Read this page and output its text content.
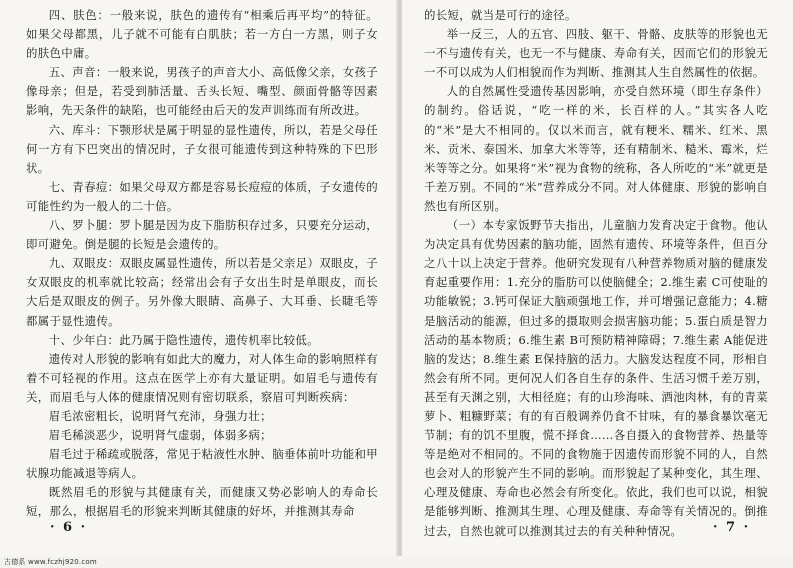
四、肤色：一般来说，肤色的遗传有“相乘后再平均”的特征。如果父母都黑，儿子就不可能有白肌肤；若一方白一方黑，则子女的肤色中庸。

五、声音：一般来说，男孩子的声音大小、高低像父亲，女孩子像母亲；但是，若受到肺活量、舌头长短、嘴型、颜面骨骼等因素影响，先天条件的缺陷，也可能经由后天的发声训练而有所改进。

六、库斗：下颚形状是属于明显的显性遗传，所以，若是父母任何一方有下巴突出的情况时，子女很可能遗传到这种特殊的下巴形状。

七、青春痘：如果父母双方都是容易长痘痘的体质，子女遗传的可能性约为一般人的二十倍。

八、罗卜腿：罗卜腿是因为皮下脂肪积存过多，只要充分运动，即可避免。倒是腿的长短是会遗传的。

九、双眼皮：双眼皮属显性遗传，所以若是父亲足）双眼皮，子女双眼皮的机率就比较高；经常出会有子女出生时是单眼皮，而长大后是双眼皮的例子。另外像大眼睛、高鼻子、大耳垂、长睫毛等都属于显性遗传。

十、少年白：此乃属于隐性遗传，遗传机率比较低。

遗传对人形貌的影响有如此大的魔力，对人体生命的影响照样有着不可轻视的作用。这点在医学上亦有大量证明。如眉毛与遗传有关，而眉毛与人体的健康情况则有密切联系，察眉可判断疾病：

眉毛浓密粗长，说明肾气充沛，身强力壮；

眉毛稀淡恶少，说明肾气虚弱，体弱多病；

眉毛过于稀疏或脱落，常见于粘液性水肿、脑垂体前叶功能和甲状腺功能减退等病人。

既然眉毛的形貌与其健康有关，而健康又势必影响人的寿命长短，那么，根据眉毛的形貌来判断其健康的好坏，并推测其寿命

· 6 ·

的长短，就当是可行的途径。

举一反三，人的五官、四肢、躯干、骨骼、皮肤等的形貌也无一不与遗传有关，也无一不与健康、寿命有关，因而它们的形貌无一不可以成为人们相貌而作为判断、推测其人生自然属性的依据。

人的自然属性受遗传基因影响，亦受自然环境（即生存条件）的制约。俗话说，“吃一样的米，长百样的人。”其实各人吃的“米”是大不相同的。仅以米而言，就有粳米、糯米、红米、黑米、贡米、泰国米、加拿大米等等，还有精制米、糙米、霉米，烂米等等之分。如果将“米”视为食物的统称，各人所吃的“米”就更是千差万别。不同的“米”营养成分不同。对人体健康、形貌的影响自然也有所区别。

（一）本专家饭野节夫指出，儿童脑力发育决定于食物。他认为决定具有优势因素的脑功能，固然有遗传、环境等条件，但百分之八十以上决定于营养。他研究发现有八种营养物质对脑的健康发育起重要作用：1.充分的脂肪可以使脑健全；2.维生素 C可使耻的功能敏锐；3.钙可保证大脑顽强地工作，并可增强记意能力；4.糖是脑活动的能源，但过多的摄取则会损害脑功能；5.蛋白质是智力活动的基本物质；6.维生素 B可预防精神障碍；7.维生素 A能促进脑的发达；8.维生素 E保持脑的活力。大脑发达程度不同，形相自然会有所不同。更何况人们各自生存的条件、生活习惯千差万别，甚至有天渊之别，大相径庭；有的山珍海味、酒池肉林，有的青菜萝卜、粗糠野菜；有的有百般调养仍食不甘味，有的暴食暴饮毫无节制；有的饥不里腹，慌不择食……各自摄入的食物营养、热量等等是绝对不相同的。不同的食物施于因遗传而形貌不同的人，自然也会对人的形貌产生不同的影响。而形貌起了某种变化，其生理、心理及健康、寿命也必然会有所变化。依此，我们也可以说，相貌是能够判断、推测其生理、心理及健康、寿命等有关情况的。倒推过去，自然也就可以推测其过去的有关种种情况。	· 7 ·
古德系 www.fczhj920.com
